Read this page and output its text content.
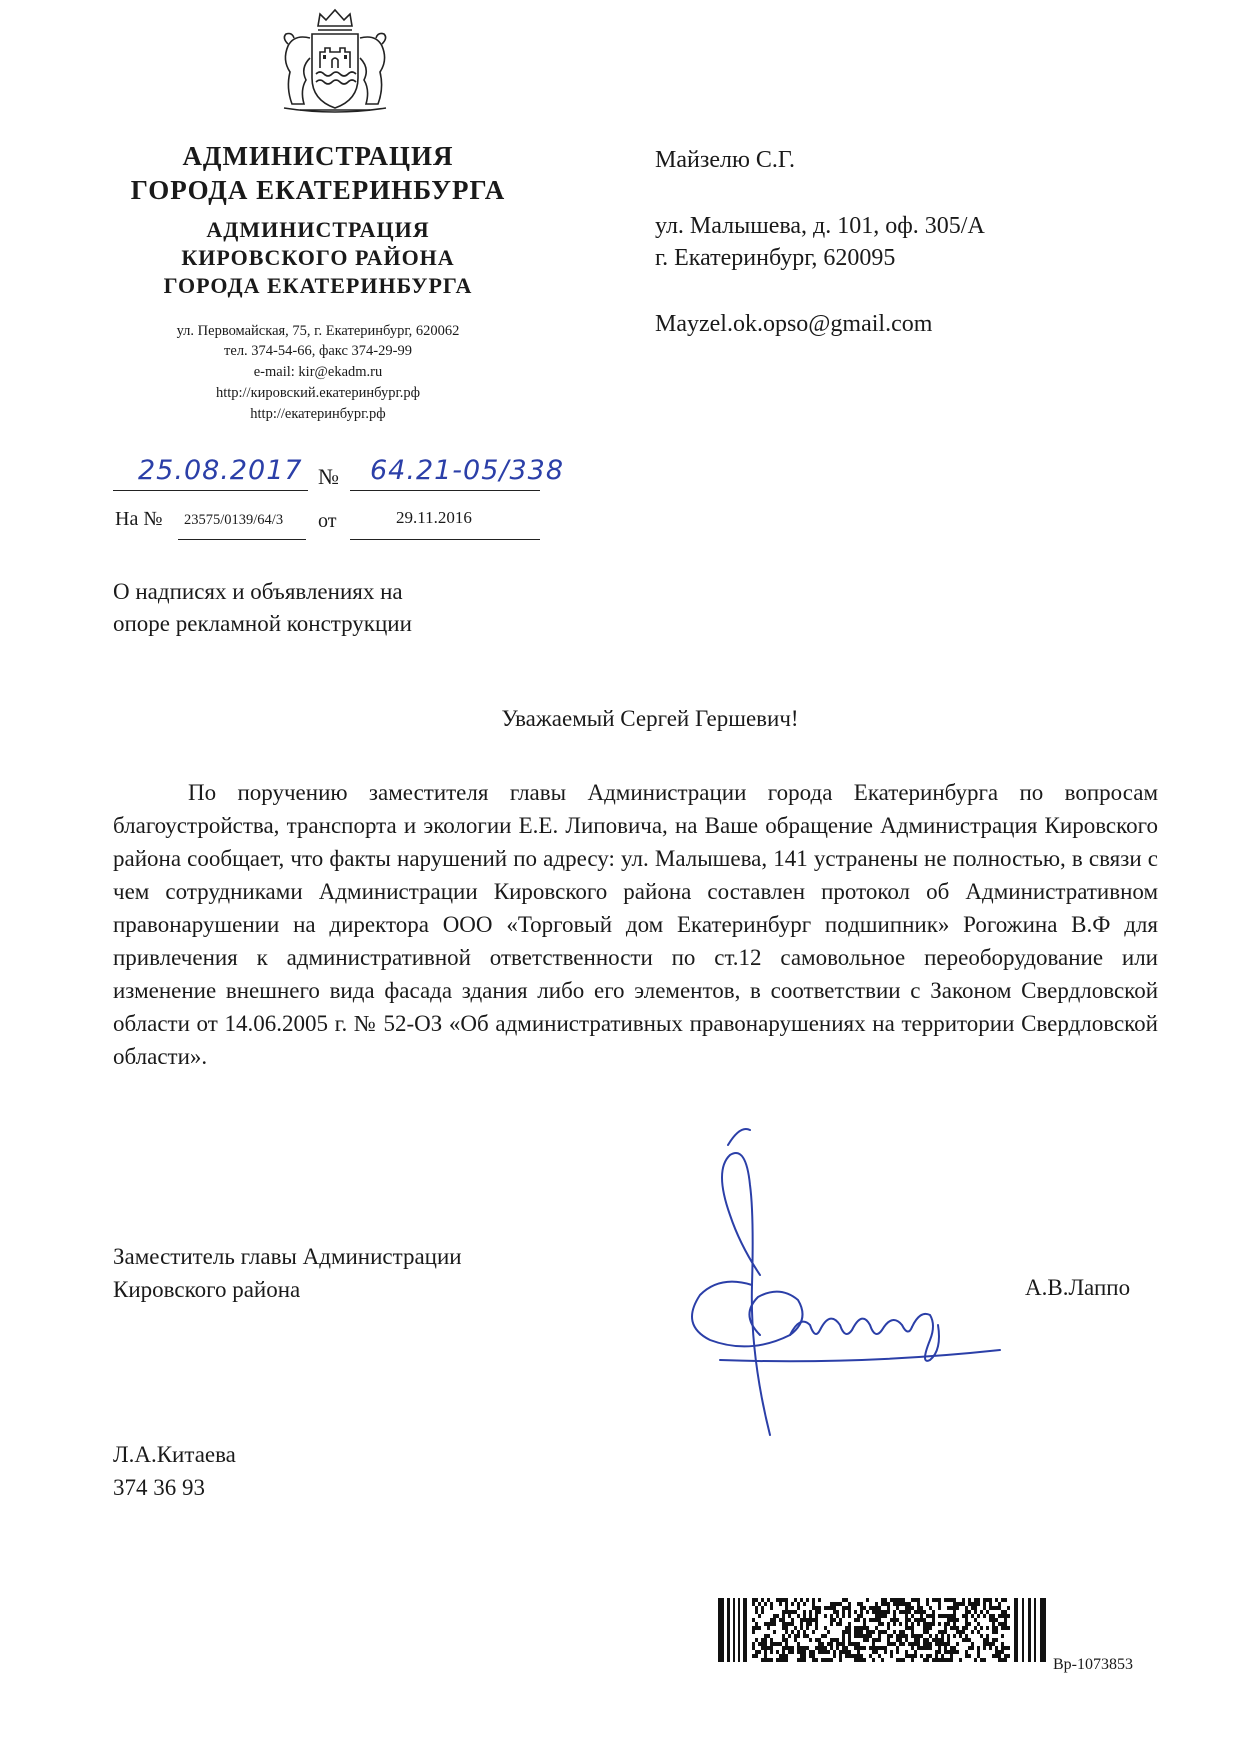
АДМИНИСТРАЦИЯ
ГОРОДА ЕКАТЕРИНБУРГА
АДМИНИСТРАЦИЯ
КИРОВСКОГО РАЙОНА
ГОРОДА ЕКАТЕРИНБУРГА
ул. Первомайская, 75, г. Екатеринбург, 620062
тел. 374-54-66, факс 374-29-99
e-mail: kir@ekadm.ru
http://кировский.екатеринбург.рф
http://екатеринбург.рф
Майзелю С.Г.
ул. Малышева, д. 101, оф. 305/А
г. Екатеринбург, 620095
Mayzel.ok.opso@gmail.com
25.08.2017 № 64.21-05/338
На № 23575/0139/64/3 от	29.11.2016
О надписях и объявлениях на
опоре рекламной конструкции
Уважаемый Сергей Гершевич!
По поручению заместителя главы Администрации города Екатеринбурга по вопросам благоустройства, транспорта и экологии Е.Е. Липовича, на Ваше обращение Администрация Кировского района сообщает, что факты нарушений по адресу: ул. Малышева, 141 устранены не полностью, в связи с чем сотрудниками Администрации Кировского района составлен протокол об Административном правонарушении на директора ООО «Торговый дом Екатеринбург подшипник» Рогожина В.Ф для привлечения к административной ответственности по ст.12 самовольное переоборудование или изменение внешнего вида фасада здания либо его элементов, в соответствии с Законом Свердловской области от 14.06.2005 г. № 52-ОЗ «Об административных правонарушениях на территории Свердловской области».
Заместитель главы Администрации
Кировского района	А.В.Лаппо
Л.А.Китаева
374 36 93
Вр-1073853
